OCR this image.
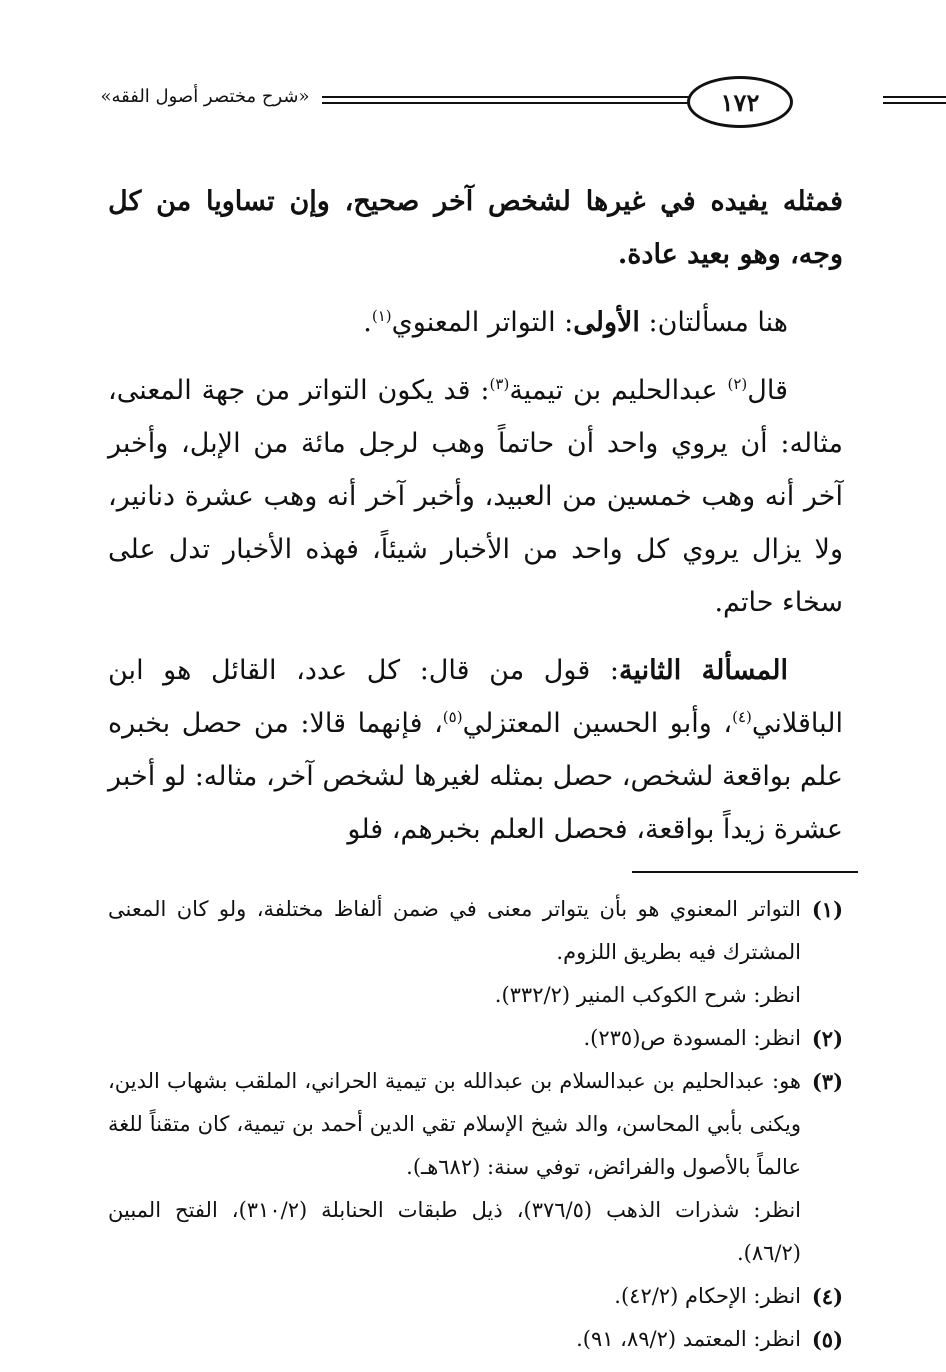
«شرح مختصر أصول الفقه»	١٧٢

فمثله يفيده في غيرها لشخص آخر صحيح، وإن تساويا من كل وجه، وهو بعيد عادة.

هنا مسألتان: الأولى: التواتر المعنوي$^{(١)}$.

قال$^{(٢)}$ عبدالحليم بن تيمية$^{(٣)}$: قد يكون التواتر من جهة المعنى، مثاله: أن يروي واحد أن حاتماً وهب لرجل مائة من الإبل، وأخبر آخر أنه وهب خمسين من العبيد، وأخبر آخر أنه وهب عشرة دنانير، ولا يزال يروي كل واحد من الأخبار شيئاً، فهذه الأخبار تدل على سخاء حاتم.

المسألة الثانية: قول من قال: كل عدد، القائل هو ابن الباقلاني$^{(٤)}$، وأبو الحسين المعتزلي$^{(٥)}$، فإنهما قالا: من حصل بخبره علم بواقعة لشخص، حصل بمثله لغيرها لشخص آخر، مثاله: لو أخبر عشرة زيداً بواقعة، فحصل العلم بخبرهم، فلو

(١)
التواتر المعنوي هو بأن يتواتر معنى في ضمن ألفاظ مختلفة، ولو كان المعنى المشترك فيه بطريق اللزوم.
انظر: شرح الكوكب المنير (٣٣٢/٢).
(٢)
انظر: المسودة ص(٢٣٥).
(٣)
هو: عبدالحليم بن عبدالسلام بن عبدالله بن تيمية الحراني، الملقب بشهاب الدين، ويكنى بأبي المحاسن، والد شيخ الإسلام تقي الدين أحمد بن تيمية، كان متقناً للغة عالماً بالأصول والفرائض، توفي سنة: (٦٨٢هـ).
انظر: شذرات الذهب (٣٧٦/٥)، ذيل طبقات الحنابلة (٣١٠/٢)، الفتح المبين (٨٦/٢).
(٤)
انظر: الإحكام (٤٢/٢).
(٥)
انظر: المعتمد (٨٩/٢، ٩١).
